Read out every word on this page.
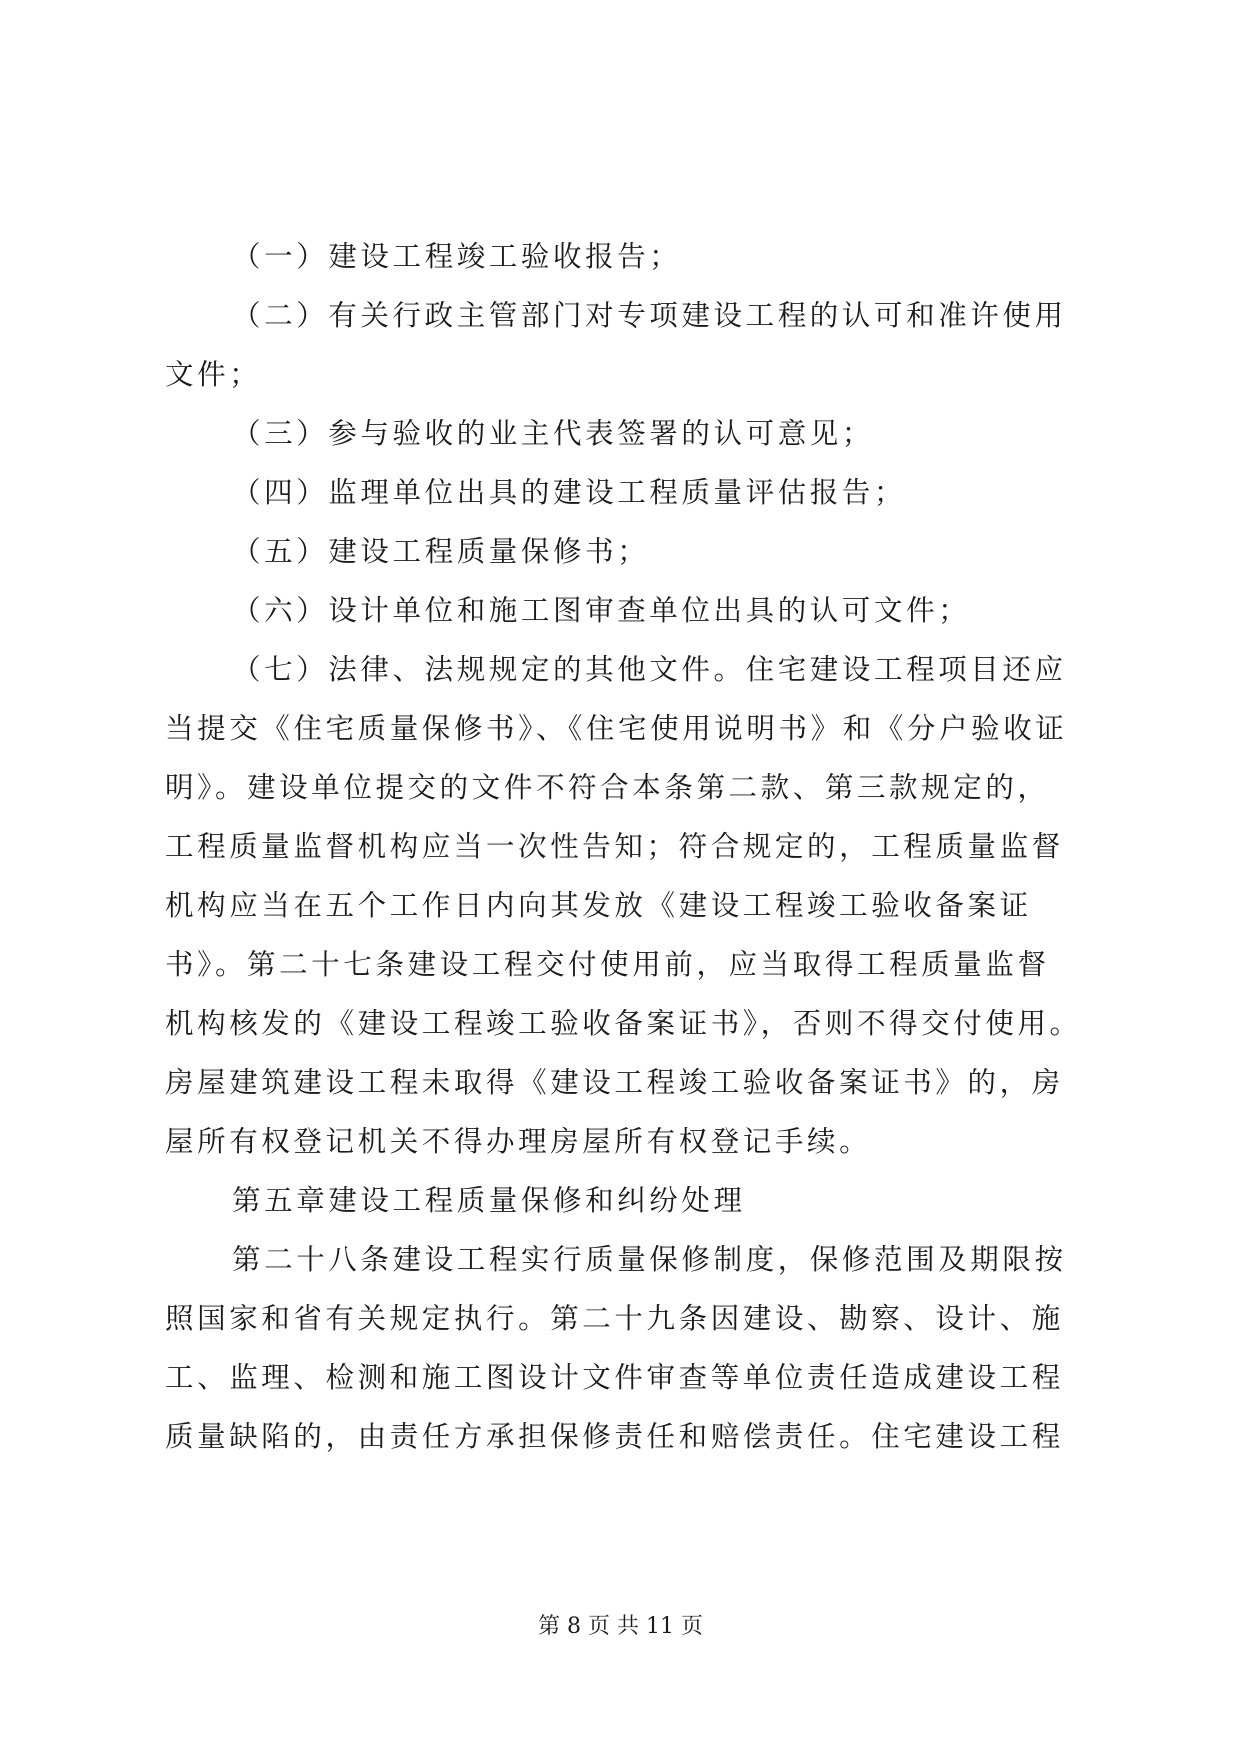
（一）建设工程竣工验收报告；
（二）有关行政主管部门对专项建设工程的认可和准许使用
文件；
（三）参与验收的业主代表签署的认可意见；
（四）监理单位出具的建设工程质量评估报告；
（五）建设工程质量保修书；
（六）设计单位和施工图审查单位出具的认可文件；
（七）法律、法规规定的其他文件。住宅建设工程项目还应
当提交《住宅质量保修书》、《住宅使用说明书》和《分户验收证
明》。建设单位提交的文件不符合本条第二款、第三款规定的，
工程质量监督机构应当一次性告知；符合规定的，工程质量监督
机构应当在五个工作日内向其发放《建设工程竣工验收备案证
书》。第二十七条建设工程交付使用前，应当取得工程质量监督
机构核发的《建设工程竣工验收备案证书》，否则不得交付使用。
房屋建筑建设工程未取得《建设工程竣工验收备案证书》的，房
屋所有权登记机关不得办理房屋所有权登记手续。
第五章建设工程质量保修和纠纷处理
第二十八条建设工程实行质量保修制度，保修范围及期限按
照国家和省有关规定执行。第二十九条因建设、勘察、设计、施
工、监理、检测和施工图设计文件审查等单位责任造成建设工程
质量缺陷的，由责任方承担保修责任和赔偿责任。住宅建设工程
第 8 页 共 11 页
